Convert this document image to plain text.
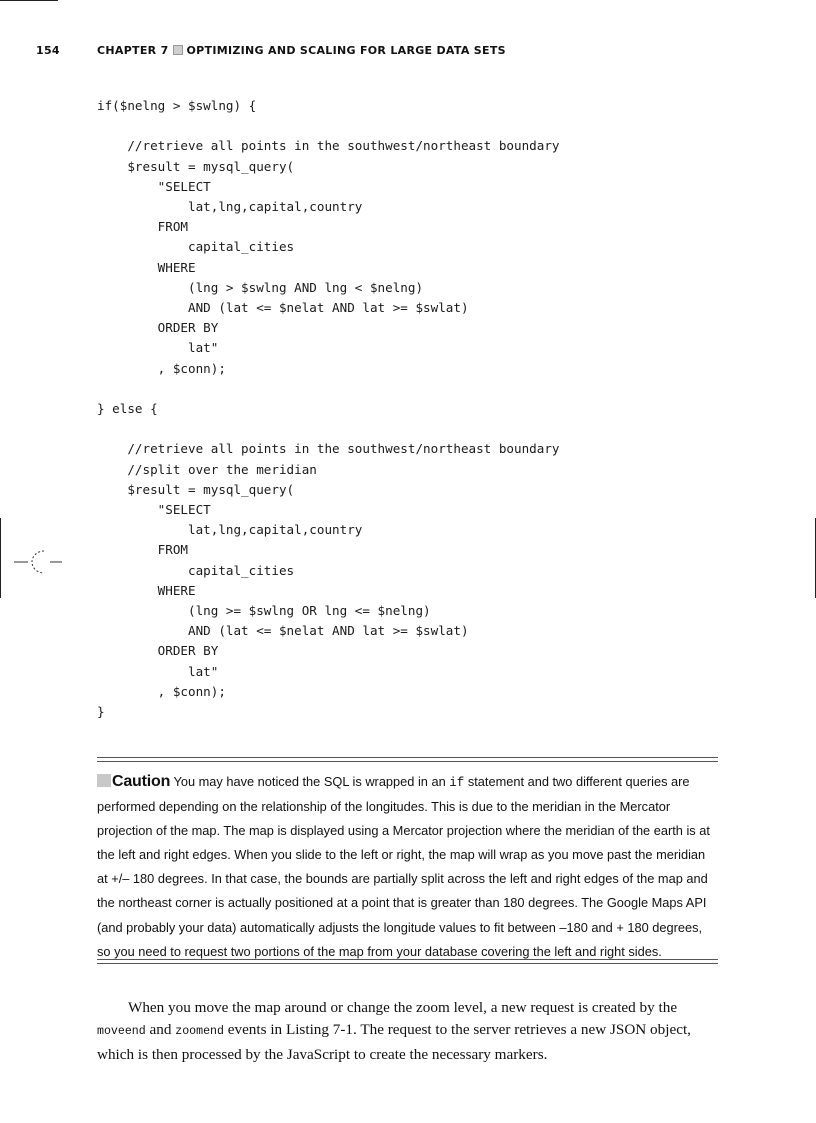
154	CHAPTER 7 OPTIMIZING AND SCALING FOR LARGE DATA SETS
if($nelng > $swlng) {

//retrieve all points in the southwest/northeast boundary
$result = mysql_query(
"SELECT
lat,lng,capital,country
FROM
capital_cities
WHERE
(lng > $swlng AND lng < $nelng)
AND (lat <= $nelat AND lat >= $swlat)
ORDER BY
lat"
, $conn);

} else {

//retrieve all points in the southwest/northeast boundary
//split over the meridian
$result = mysql_query(
"SELECT
lat,lng,capital,country
FROM
capital_cities
WHERE
(lng >= $swlng OR lng <= $nelng)
AND (lat <= $nelat AND lat >= $swlat)
ORDER BY
lat"
, $conn);
}
Caution You may have noticed the SQL is wrapped in an if statement and two different queries are performed depending on the relationship of the longitudes. This is due to the meridian in the Mercator projection of the map. The map is displayed using a Mercator projection where the meridian of the earth is at the left and right edges. When you slide to the left or right, the map will wrap as you move past the meridian at +/– 180 degrees. In that case, the bounds are partially split across the left and right edges of the map and the northeast corner is actually positioned at a point that is greater than 180 degrees. The Google Maps API (and probably your data) automatically adjusts the longitude values to fit between –180 and + 180 degrees, so you need to request two portions of the map from your database covering the left and right sides.

When you move the map around or change the zoom level, a new request is created by the moveend and zoomend events in Listing 7-1. The request to the server retrieves a new JSON object, which is then processed by the JavaScript to create the necessary markers.
